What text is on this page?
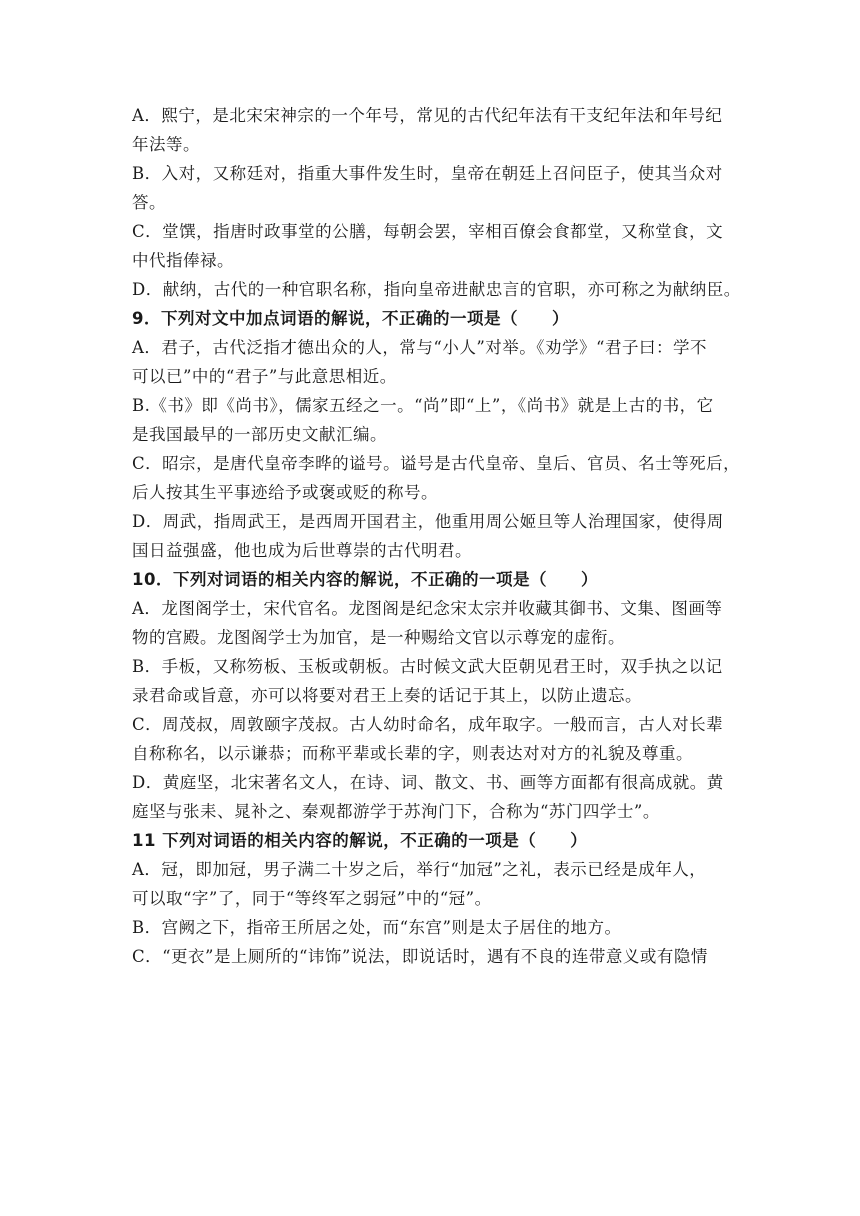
A．熙宁，是北宋宋神宗的一个年号，常见的古代纪年法有干支纪年法和年号纪
年法等。
B．入对，又称廷对，指重大事件发生时，皇帝在朝廷上召问臣子，使其当众对
答。
C．堂馔，指唐时政事堂的公膳，每朝会罢，宰相百僚会食都堂，又称堂食，文
中代指俸禄。
D．献纳，古代的一种官职名称，指向皇帝进献忠言的官职，亦可称之为献纳臣。
9．下列对文中加点词语的解说，不正确的一项是（　　）
A．君子，古代泛指才德出众的人，常与“小人”对举。《劝学》“君子曰：学不
可以已”中的“君子”与此意思相近。
B.《书》即《尚书》，儒家五经之一。“尚”即“上”，《尚书》就是上古的书，它
是我国最早的一部历史文献汇编。
C．昭宗，是唐代皇帝李晔的谥号。谥号是古代皇帝、皇后、官员、名士等死后，
后人按其生平事迹给予或褒或贬的称号。
D．周武，指周武王，是西周开国君主，他重用周公姬旦等人治理国家，使得周
国日益强盛，他也成为后世尊崇的古代明君。
10．下列对词语的相关内容的解说，不正确的一项是（　　）
A．龙图阁学士，宋代官名。龙图阁是纪念宋太宗并收藏其御书、文集、图画等
物的宫殿。龙图阁学士为加官，是一种赐给文官以示尊宠的虚衔。
B．手板，又称笏板、玉板或朝板。古时候文武大臣朝见君王时，双手执之以记
录君命或旨意，亦可以将要对君王上奏的话记于其上，以防止遗忘。
C．周茂叔，周敦颐字茂叔。古人幼时命名，成年取字。一般而言，古人对长辈
自称称名，以示谦恭；而称平辈或长辈的字，则表达对对方的礼貌及尊重。
D．黄庭坚，北宋著名文人，在诗、词、散文、书、画等方面都有很高成就。黄
庭坚与张耒、晁补之、秦观都游学于苏洵门下，合称为“苏门四学士”。
11 下列对词语的相关内容的解说，不正确的一项是（　　）
A．冠，即加冠，男子满二十岁之后，举行“加冠”之礼，表示已经是成年人，
可以取“字”了，同于“等终军之弱冠”中的“冠”。
B．宫阙之下，指帝王所居之处，而“东宫”则是太子居住的地方。
C．“更衣”是上厕所的“讳饰”说法，即说话时，遇有不良的连带意义或有隐情
